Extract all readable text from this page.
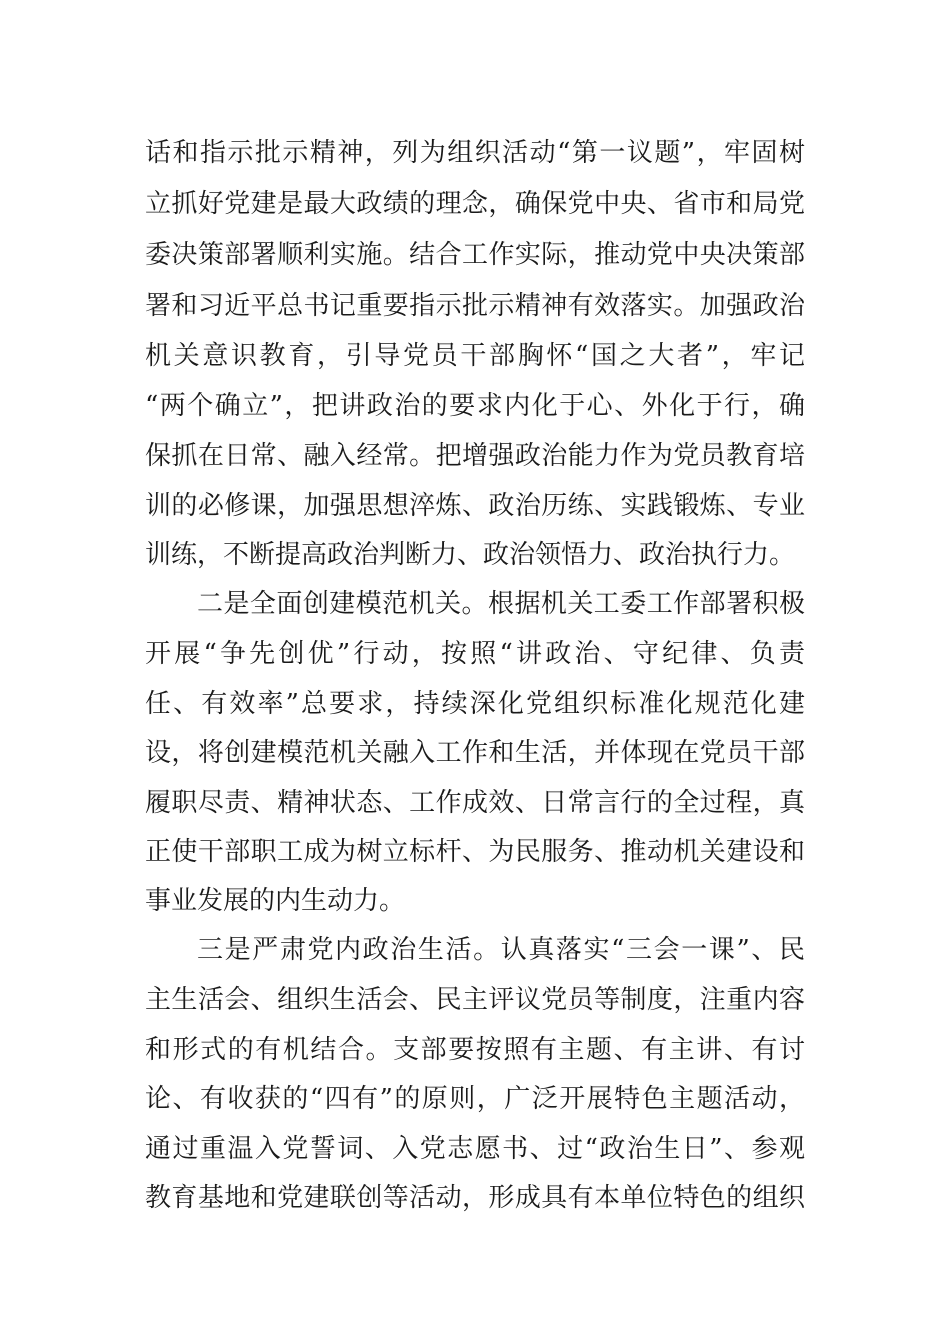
话和指示批示精神，列为组织活动“第一议题”，牢固树
立抓好党建是最大政绩的理念，确保党中央、省市和局党
委决策部署顺利实施。结合工作实际，推动党中央决策部
署和习近平总书记重要指示批示精神有效落实。加强政治
机关意识教育，引导党员干部胸怀“国之大者”，牢记
“两个确立”，把讲政治的要求内化于心、外化于行，确
保抓在日常、融入经常。把增强政治能力作为党员教育培
训的必修课，加强思想淬炼、政治历练、实践锻炼、专业
训练，不断提高政治判断力、政治领悟力、政治执行力。
二是全面创建模范机关。根据机关工委工作部署积极
开展“争先创优”行动，按照“讲政治、守纪律、负责
任、有效率”总要求，持续深化党组织标准化规范化建
设，将创建模范机关融入工作和生活，并体现在党员干部
履职尽责、精神状态、工作成效、日常言行的全过程，真
正使干部职工成为树立标杆、为民服务、推动机关建设和
事业发展的内生动力。
三是严肃党内政治生活。认真落实“三会一课”、民
主生活会、组织生活会、民主评议党员等制度，注重内容
和形式的有机结合。支部要按照有主题、有主讲、有讨
论、有收获的“四有”的原则，广泛开展特色主题活动，
通过重温入党誓词、入党志愿书、过“政治生日”、参观
教育基地和党建联创等活动，形成具有本单位特色的组织
